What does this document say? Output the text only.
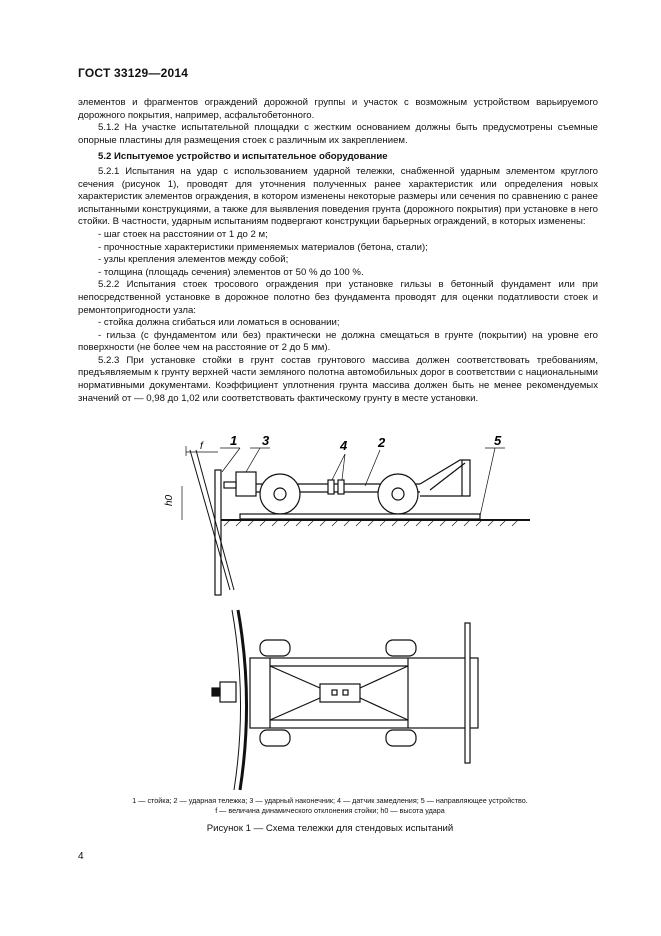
ГОСТ 33129—2014

элементов и фрагментов ограждений дорожной группы и участок с возможным устройством варьируемого дорожного покрытия, например, асфальтобетонного.

5.1.2 На участке испытательной площадки с жестким основанием должны быть предусмотрены съемные опорные пластины для размещения стоек с различным их закреплением.

5.2 Испытуемое устройство и испытательное оборудование

5.2.1 Испытания на удар с использованием ударной тележки, снабженной ударным элементом круглого сечения (рисунок 1), проводят для уточнения полученных ранее характеристик или определения новых характеристик элементов ограждения, в котором изменены некоторые размеры или сечения по сравнению с ранее испытанными конструкциями, а также для выявления поведения грунта (дорожного покрытия) при установке в него стойки. В частности, ударным испытаниям подвергают конструкции барьерных ограждений, в которых изменены:

- шаг стоек на расстоянии от 1 до 2 м;

- прочностные характеристики применяемых материалов (бетона, стали);

- узлы крепления элементов между собой;

- толщина (площадь сечения) элементов от 50 % до 100 %.

5.2.2 Испытания стоек тросового ограждения при установке гильзы в бетонный фундамент или при непосредственной установке в дорожное полотно без фундамента проводят для оценки податливости стоек и ремонтопригодности узла:

- стойка должна сгибаться или ломаться в основании;

- гильза (с фундаментом или без) практически не должна смещаться в грунте (покрытии) на уровне его поверхности (не более чем на расстояние от 2 до 5 мм).

5.2.3 При установке стойки в грунт состав грунтового массива должен соответствовать требованиям, предъявляемым к грунту верхней части земляного полотна автомобильных дорог в соответствии с национальными нормативными документами. Коэффициент уплотнения грунта массива должен быть не менее рекомендуемых значений от — 0,98 до 1,02 или соответствовать фактическому грунту в месте установки.

1 3	4 2	5
f
h0
1 — стойка; 2 — ударная тележка; 3 — ударный наконечник; 4 — датчик замедления; 5 — направляющее устройство.
f — величина динамического отклонения стойки; h0 — высота удара
Рисунок 1 — Схема тележки для стендовых испытаний
4
